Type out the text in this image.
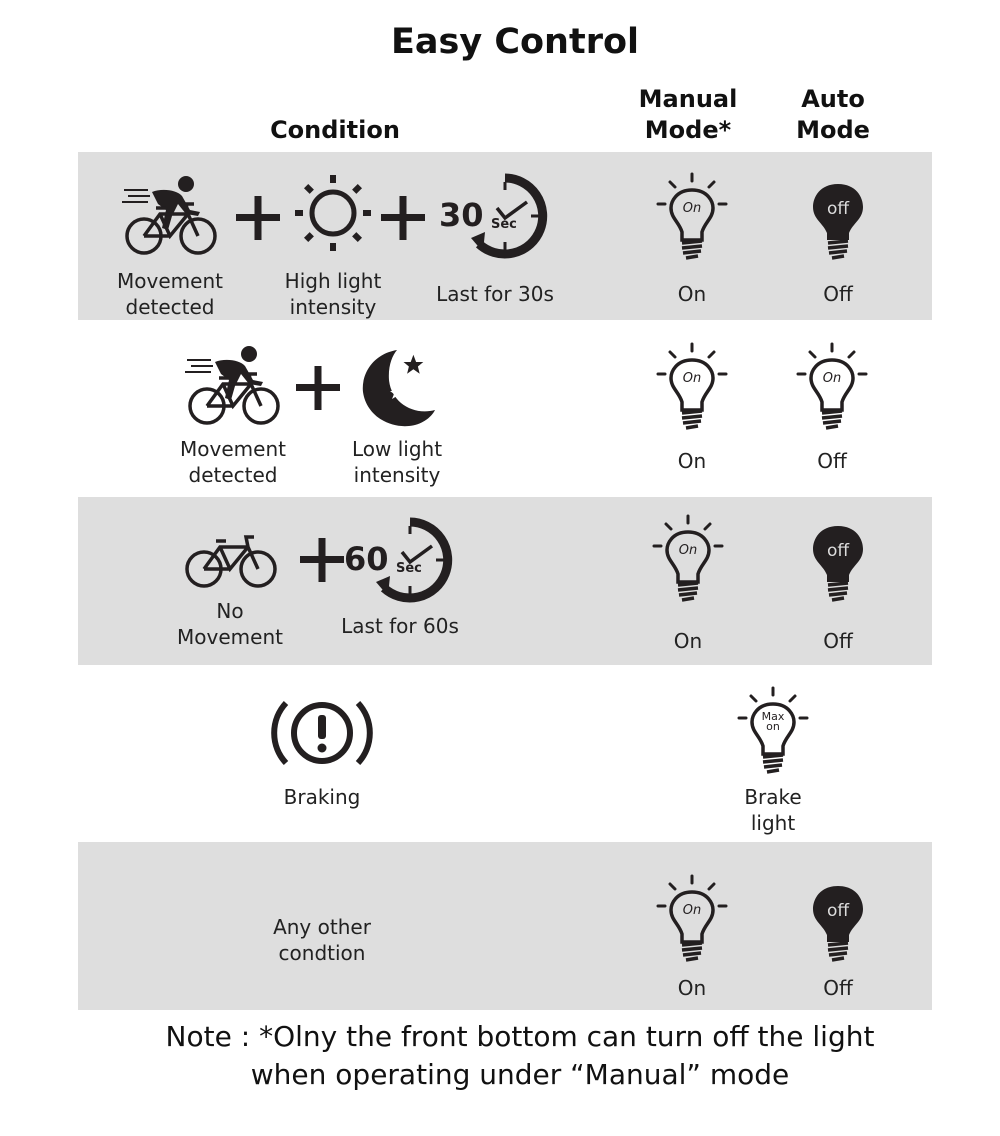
Easy Control
Condition
Manual
Mode*
Auto
Mode
Movement
detected
High light
intensity
30 Sec
Last for 30s
On
On
off
Off
Movement
detected
Low light
intensity
On
On
On
Off
No
Movement
60 Sec
Last for 60s
On
On
off
Off
Braking
Max
on
Brake
light
Any other
condtion
On
On
off
Off
Note : *Olny the front bottom can turn off the light
when operating under “Manual” mode
